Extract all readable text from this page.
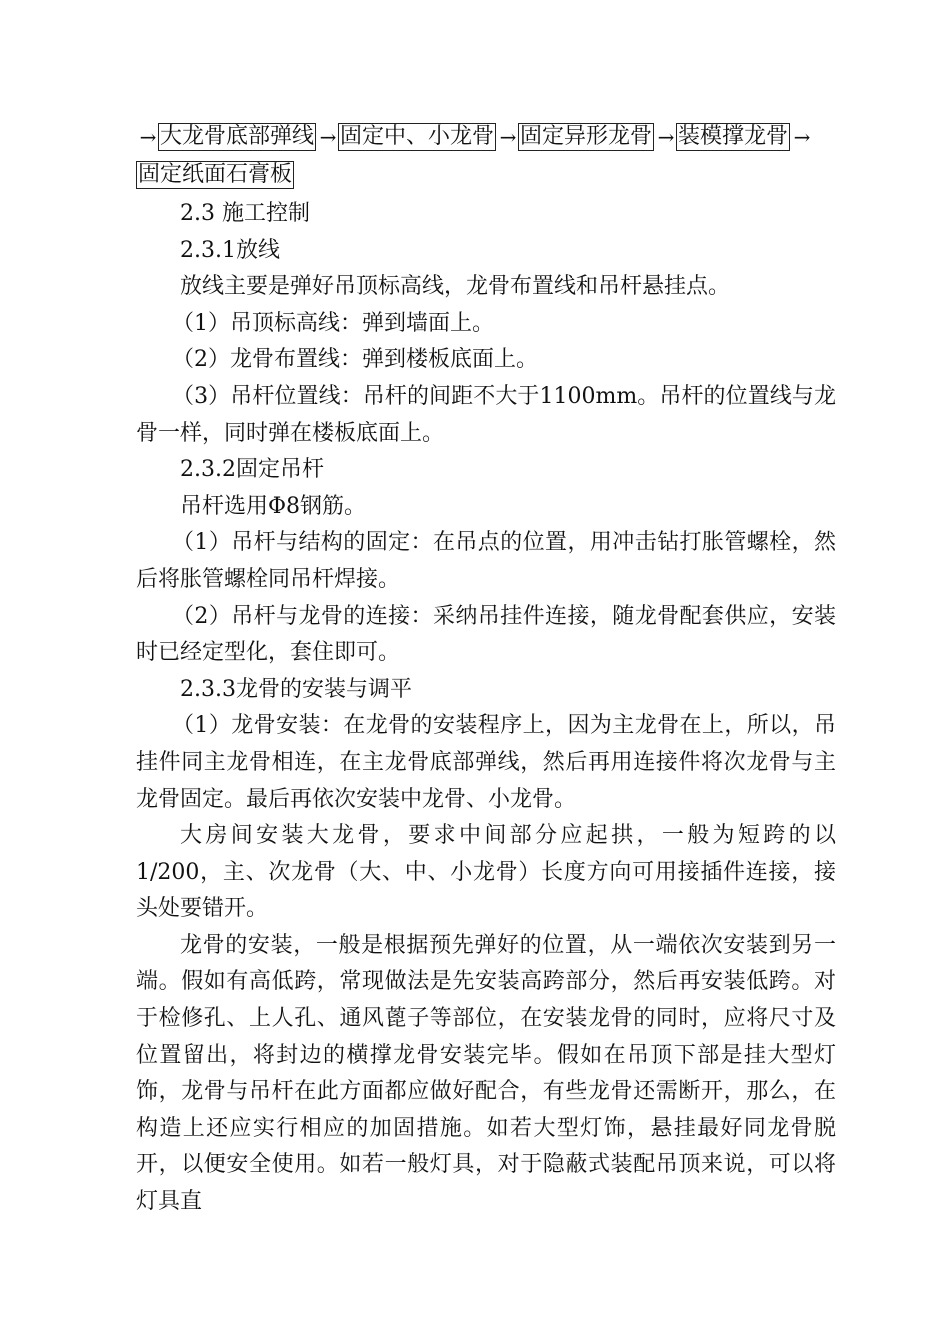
→ 大龙骨底部弹线 → 固定中、小龙骨 → 固定异形龙骨 → 装模撑龙骨 →
固定纸面石膏板

2.3 施工控制

2.3.1放线

放线主要是弹好吊顶标高线，龙骨布置线和吊杆悬挂点。

（1）吊顶标高线：弹到墙面上。

（2）龙骨布置线：弹到楼板底面上。

（3）吊杆位置线：吊杆的间距不大于1100mm。吊杆的位置线与龙骨一样，同时弹在楼板底面上。

2.3.2固定吊杆

吊杆选用Φ8钢筋。

（1）吊杆与结构的固定：在吊点的位置，用冲击钻打胀管螺栓，然后将胀管螺栓同吊杆焊接。

（2）吊杆与龙骨的连接：采纳吊挂件连接，随龙骨配套供应，安装时已经定型化，套住即可。

2.3.3龙骨的安装与调平

（1）龙骨安装：在龙骨的安装程序上，因为主龙骨在上，所以，吊挂件同主龙骨相连，在主龙骨底部弹线，然后再用连接件将次龙骨与主龙骨固定。最后再依次安装中龙骨、小龙骨。

大房间安装大龙骨，要求中间部分应起拱，一般为短跨的以1/200，主、次龙骨（大、中、小龙骨）长度方向可用接插件连接，接头处要错开。

龙骨的安装，一般是根据预先弹好的位置，从一端依次安装到另一端。假如有高低跨，常现做法是先安装高跨部分，然后再安装低跨。对于检修孔、上人孔、通风蓖子等部位，在安装龙骨的同时，应将尺寸及位置留出，将封边的横撑龙骨安装完毕。假如在吊顶下部是挂大型灯饰，龙骨与吊杆在此方面都应做好配合，有些龙骨还需断开，那么，在构造上还应实行相应的加固措施。如若大型灯饰，悬挂最好同龙骨脱开，以便安全使用。如若一般灯具，对于隐蔽式装配吊顶来说，可以将灯具直
